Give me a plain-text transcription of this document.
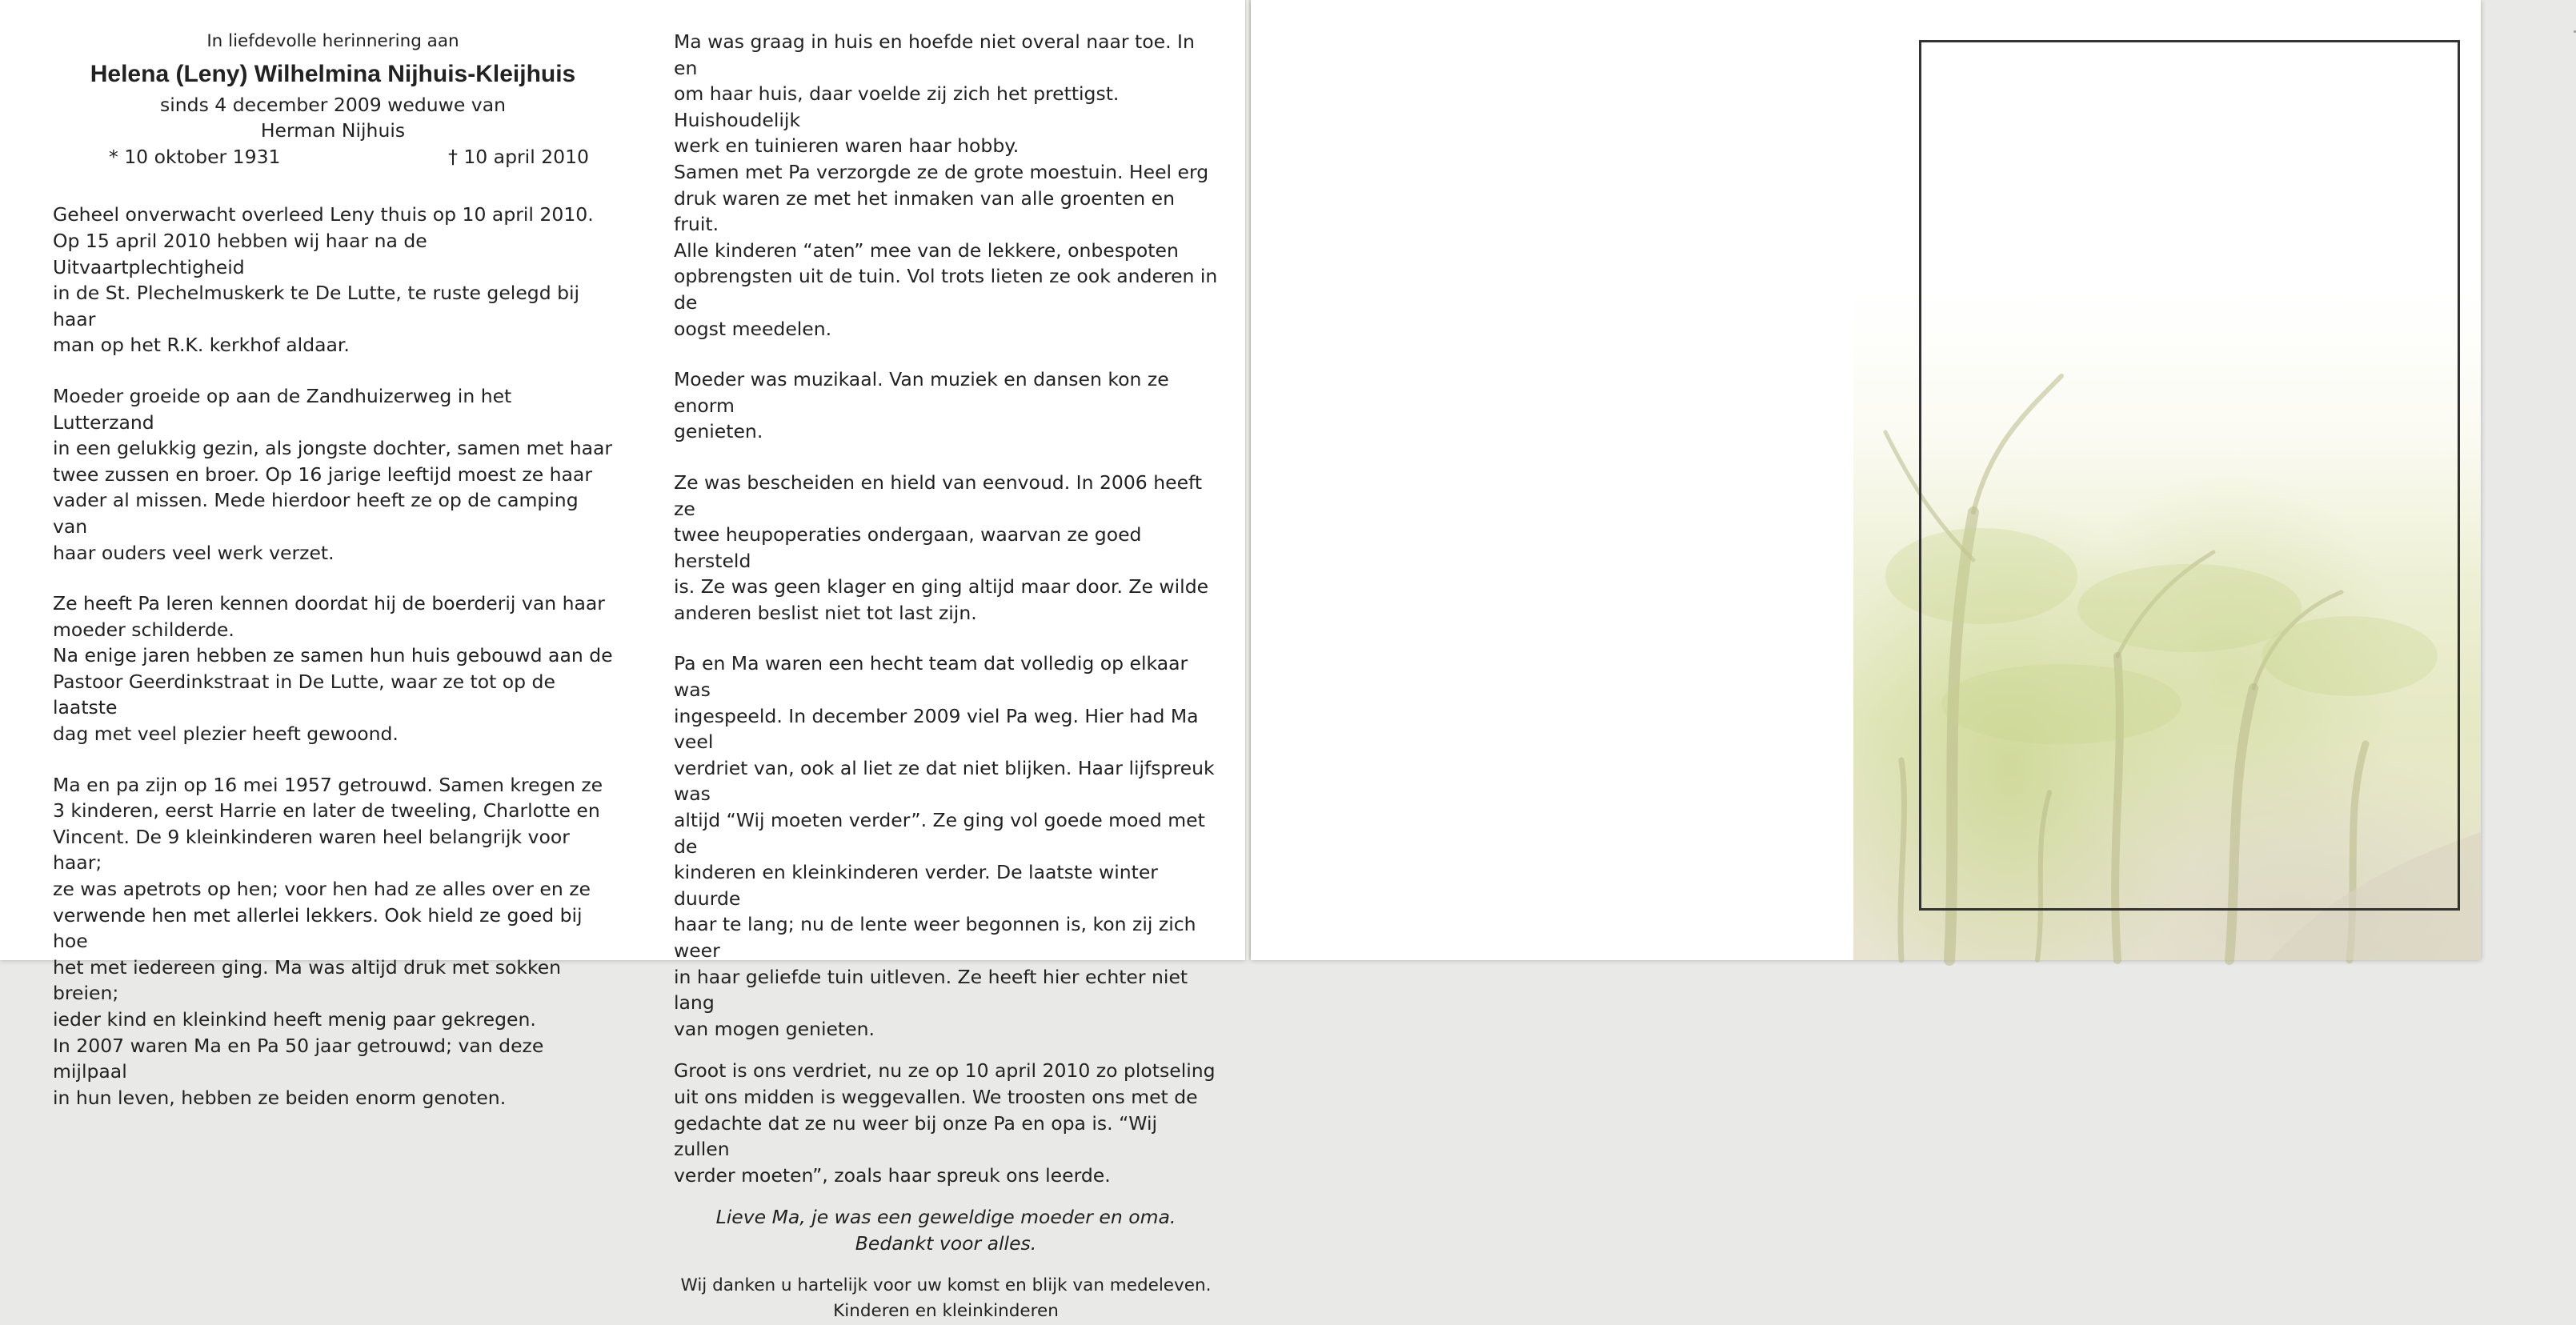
In liefdevolle herinnering aan

Helena (Leny) Wilhelmina Nijhuis-Kleijhuis

sinds 4 december 2009 weduwe van

Herman Nijhuis

* 10 oktober 1931	† 10 april 2010

Geheel onverwacht overleed Leny thuis op 10 april 2010.

Op 15 april 2010 hebben wij haar na de Uitvaartplechtigheid

in de St. Plechelmuskerk te De Lutte, te ruste gelegd bij haar

man op het R.K. kerkhof aldaar.

Moeder groeide op aan de Zandhuizerweg in het Lutterzand

in een gelukkig gezin, als jongste dochter, samen met haar

twee zussen en broer. Op 16 jarige leeftijd moest ze haar

vader al missen. Mede hierdoor heeft ze op de camping van

haar ouders veel werk verzet.

Ze heeft Pa leren kennen doordat hij de boerderij van haar

moeder schilderde.

Na enige jaren hebben ze samen hun huis gebouwd aan de

Pastoor Geerdinkstraat in De Lutte, waar ze tot op de laatste

dag met veel plezier heeft gewoond.

Ma en pa zijn op 16 mei 1957 getrouwd. Samen kregen ze

3 kinderen, eerst Harrie en later de tweeling, Charlotte en

Vincent. De 9 kleinkinderen waren heel belangrijk voor haar;

ze was apetrots op hen; voor hen had ze alles over en ze

verwende hen met allerlei lekkers. Ook hield ze goed bij hoe

het met iedereen ging. Ma was altijd druk met sokken breien;

ieder kind en kleinkind heeft menig paar gekregen.

In 2007 waren Ma en Pa 50 jaar getrouwd; van deze mijlpaal

in hun leven, hebben ze beiden enorm genoten.

Ma was graag in huis en hoefde niet overal naar toe. In en

om haar huis, daar voelde zij zich het prettigst. Huishoudelijk

werk en tuinieren waren haar hobby.

Samen met Pa verzorgde ze de grote moestuin. Heel erg

druk waren ze met het inmaken van alle groenten en fruit.

Alle kinderen “aten” mee van de lekkere, onbespoten

opbrengsten uit de tuin. Vol trots lieten ze ook anderen in de

oogst meedelen.

Moeder was muzikaal. Van muziek en dansen kon ze enorm

genieten.

Ze was bescheiden en hield van eenvoud. In 2006 heeft ze

twee heupoperaties ondergaan, waarvan ze goed hersteld

is. Ze was geen klager en ging altijd maar door. Ze wilde

anderen beslist niet tot last zijn.

Pa en Ma waren een hecht team dat volledig op elkaar was

ingespeeld. In december 2009 viel Pa weg. Hier had Ma veel

verdriet van, ook al liet ze dat niet blijken. Haar lijfspreuk was

altijd “Wij moeten verder”. Ze ging vol goede moed met de

kinderen en kleinkinderen verder. De laatste winter duurde

haar te lang; nu de lente weer begonnen is, kon zij zich weer

in haar geliefde tuin uitleven. Ze heeft hier echter niet lang

van mogen genieten.

Groot is ons verdriet, nu ze op 10 april 2010 zo plotseling

uit ons midden is weggevallen. We troosten ons met de

gedachte dat ze nu weer bij onze Pa en opa is. “Wij zullen

verder moeten”, zoals haar spreuk ons leerde.

Lieve Ma, je was een geweldige moeder en oma.

Bedankt voor alles.

Wij danken u hartelijk voor uw komst en blijk van medeleven.

Kinderen en kleinkinderen
